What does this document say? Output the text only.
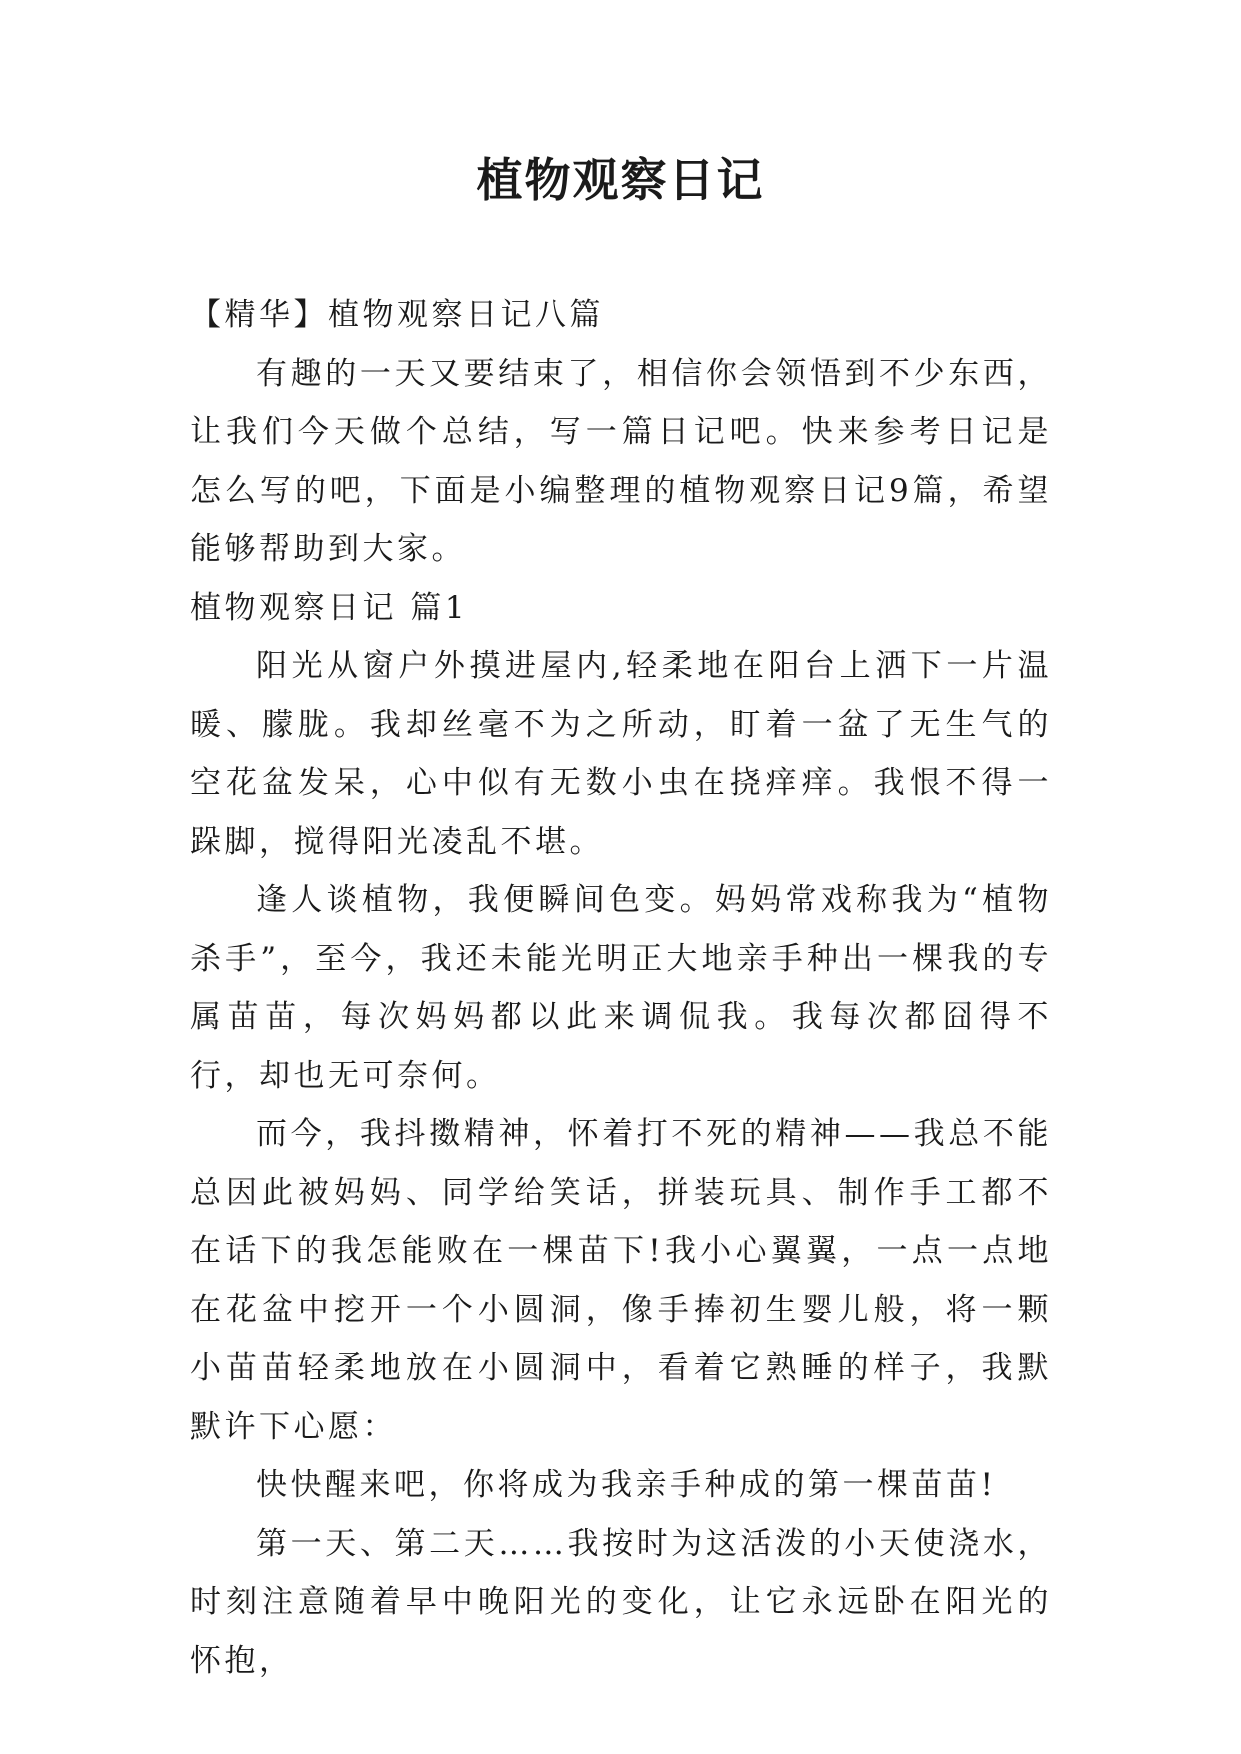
植物观察日记

【精华】植物观察日记八篇

有趣的一天又要结束了，相信你会领悟到不少东西，让我们今天做个总结，写一篇日记吧。快来参考日记是怎么写的吧，下面是小编整理的植物观察日记9篇，希望能够帮助到大家。

植物观察日记 篇1

阳光从窗户外摸进屋内,轻柔地在阳台上洒下一片温暖、朦胧。我却丝毫不为之所动，盯着一盆了无生气的空花盆发呆，心中似有无数小虫在挠痒痒。我恨不得一跺脚，搅得阳光凌乱不堪。

逢人谈植物，我便瞬间色变。妈妈常戏称我为“植物杀手”，至今，我还未能光明正大地亲手种出一棵我的专属苗苗，每次妈妈都以此来调侃我。我每次都囧得不行，却也无可奈何。

而今，我抖擞精神，怀着打不死的精神——我总不能总因此被妈妈、同学给笑话，拼装玩具、制作手工都不在话下的我怎能败在一棵苗下!我小心翼翼，一点一点地在花盆中挖开一个小圆洞，像手捧初生婴儿般，将一颗小苗苗轻柔地放在小圆洞中，看着它熟睡的样子，我默默许下心愿：

快快醒来吧，你将成为我亲手种成的第一棵苗苗!

第一天、第二天……我按时为这活泼的小天使浇水，时刻注意随着早中晚阳光的变化，让它永远卧在阳光的怀抱，
